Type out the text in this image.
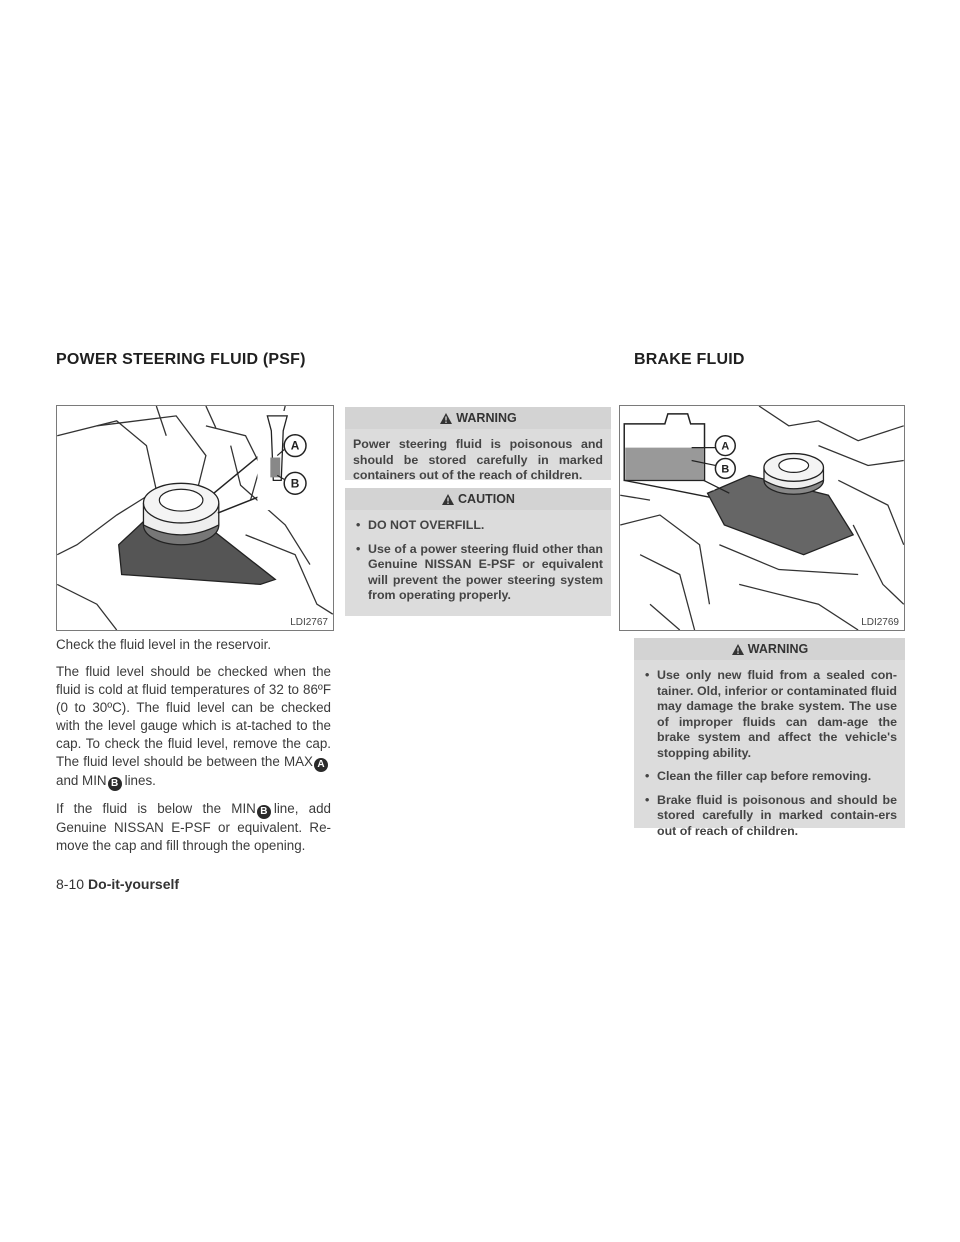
POWER STEERING FLUID (PSF)	BRAKE FLUID
A
B
LDI2767

Check the fluid level in the reservoir.

The fluid level should be checked when the fluid is cold at fluid temperatures of 32 to 86ºF (0 to 30ºC). The fluid level can be checked with the level gauge which is at-tached to the cap. To check the fluid level, remove the cap. The fluid level should be between the MAX Aand MIN B lines.

If the fluid is below the MIN B line, add Genuine NISSAN E-PSF or equivalent. Re-move the cap and fill through the opening.

WARNING
Power steering fluid is poisonous and should be stored carefully in marked containers out of the reach of children.
CAUTION
• DO NOT OVERFILL.
• Use of a power steering fluid other than Genuine NISSAN E-PSF or equivalent will prevent the power steering system from operating properly.
A
B
LDI2769
WARNING
• Use only new fluid from a sealed con-tainer. Old, inferior or contaminated fluid may damage the brake system. The use of improper fluids can dam-age the brake system and affect the vehicle's stopping ability.
• Clean the filler cap before removing.
• Brake fluid is poisonous and should be stored carefully in marked contain-ers out of reach of children.
8-10 Do-it-yourself
